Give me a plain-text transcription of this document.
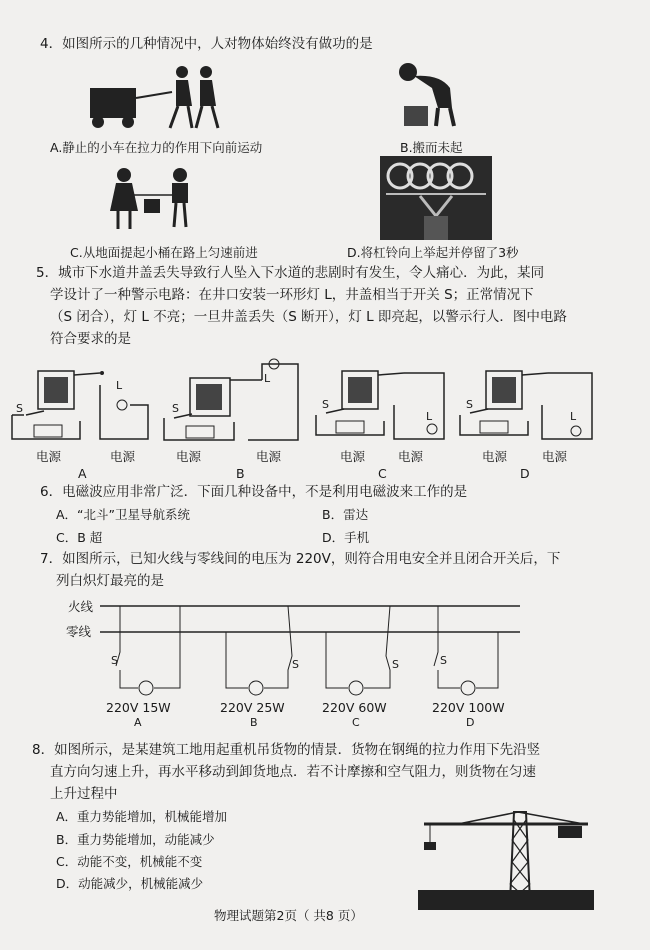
4．如图所示的几种情况中，人对物体始终没有做功的是
A.静止的小车在拉力的作用下向前运动	B.搬而未起
C.从地面提起小桶在路上匀速前进	D.将杠铃向上举起并停留了3秒
5．城市下水道井盖丢失导致行人坠入下水道的悲剧时有发生，令人痛心．为此，某同
学设计了一种警示电路：在井口安装一环形灯 L，井盖相当于开关 S；正常情况下
（S 闭合），灯 L 不亮；一旦井盖丢失（S 断开），灯 L 即亮起，以警示行人．图中电路
符合要求的是
S
L
电源	电源
A
S
L
电源	电源
B
S
L
电源	电源
C
S
L
电源	电源
D
6．电磁波应用非常广泛．下面几种设备中，不是利用电磁波来工作的是
A．“北斗”卫星导航系统	B．雷达
C．B 超	D．手机
7．如图所示，已知火线与零线间的电压为 220V，则符合用电安全并且闭合开关后，下
列白炽灯最亮的是
火线
零线
S	S	S	S
220V 15W	220V 25W	220V 60W	220V 100W
A	B	C	D
8．如图所示，是某建筑工地用起重机吊货物的情景．货物在钢绳的拉力作用下先沿竖
直方向匀速上升，再水平移动到卸货地点．若不计摩擦和空气阻力，则货物在匀速
上升过程中
A．重力势能增加，机械能增加
B．重力势能增加，动能减少
C．动能不变，机械能不变
D．动能减少，机械能减少
物理试题第2页（ 共8 页）
